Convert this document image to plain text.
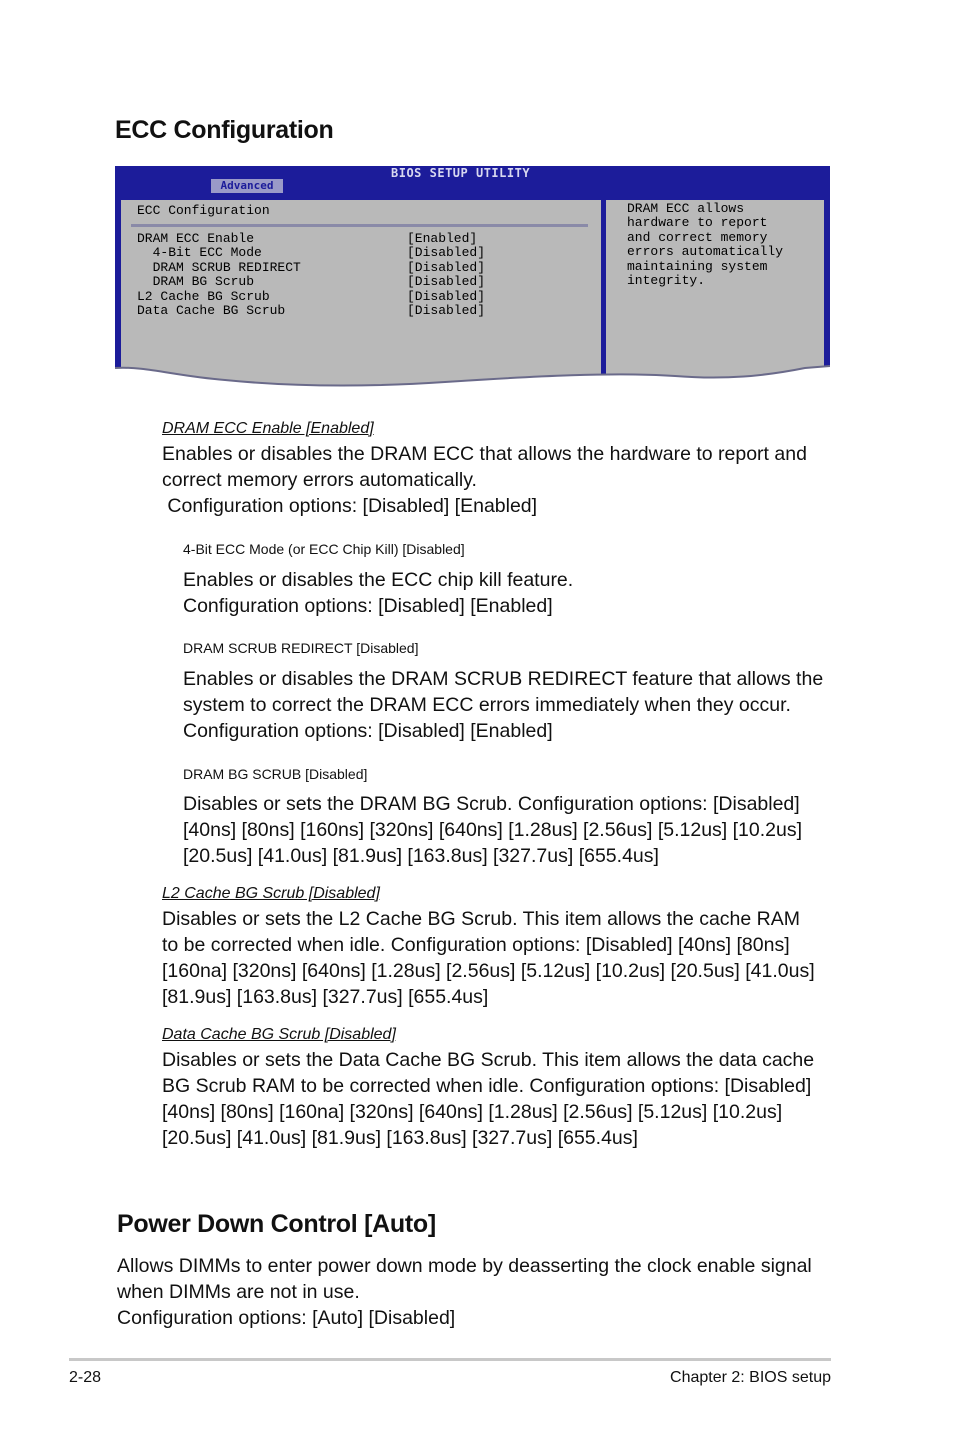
ECC Configuration
BIOS SETUP UTILITY
Advanced
ECC Configuration
DRAM ECC Enable	[Enabled]
4-Bit ECC Mode	[Disabled]
DRAM SCRUB REDIRECT	[Disabled]
DRAM BG Scrub	[Disabled]
L2 Cache BG Scrub	[Disabled]
Data Cache BG Scrub	[Disabled]
DRAM ECC allows
hardware to report
and correct memory
errors automatically
maintaining system
integrity.
DRAM ECC Enable [Enabled]
Enables or disables the DRAM ECC that allows the hardware to report and
correct memory errors automatically.
Configuration options: [Disabled] [Enabled]
4-Bit ECC Mode (or ECC Chip Kill) [Disabled]
Enables or disables the ECC chip kill feature.
Configuration options: [Disabled] [Enabled]
DRAM SCRUB REDIRECT [Disabled]
Enables or disables the DRAM SCRUB REDIRECT feature that allows the
system to correct the DRAM ECC errors immediately when they occur.
Configuration options: [Disabled] [Enabled]
DRAM BG SCRUB [Disabled]
Disables or sets the DRAM BG Scrub. Configuration options: [Disabled]
[40ns] [80ns] [160ns] [320ns] [640ns] [1.28us] [2.56us] [5.12us] [10.2us]
[20.5us] [41.0us] [81.9us] [163.8us] [327.7us] [655.4us]
L2 Cache BG Scrub [Disabled]
Disables or sets the L2 Cache BG Scrub. This item allows the cache RAM
to be corrected when idle. Configuration options: [Disabled] [40ns] [80ns]
[160na] [320ns] [640ns] [1.28us] [2.56us] [5.12us] [10.2us] [20.5us] [41.0us]
[81.9us] [163.8us] [327.7us] [655.4us]
Data Cache BG Scrub [Disabled]
Disables or sets the Data Cache BG Scrub. This item allows the data cache
BG Scrub RAM to be corrected when idle. Configuration options: [Disabled]
[40ns] [80ns] [160na] [320ns] [640ns] [1.28us] [2.56us] [5.12us] [10.2us]
[20.5us] [41.0us] [81.9us] [163.8us] [327.7us] [655.4us]
Power Down Control [Auto]
Allows DIMMs to enter power down mode by deasserting the clock enable signal
when DIMMs are not in use.
Configuration options: [Auto] [Disabled]
2-28	Chapter 2: BIOS setup
